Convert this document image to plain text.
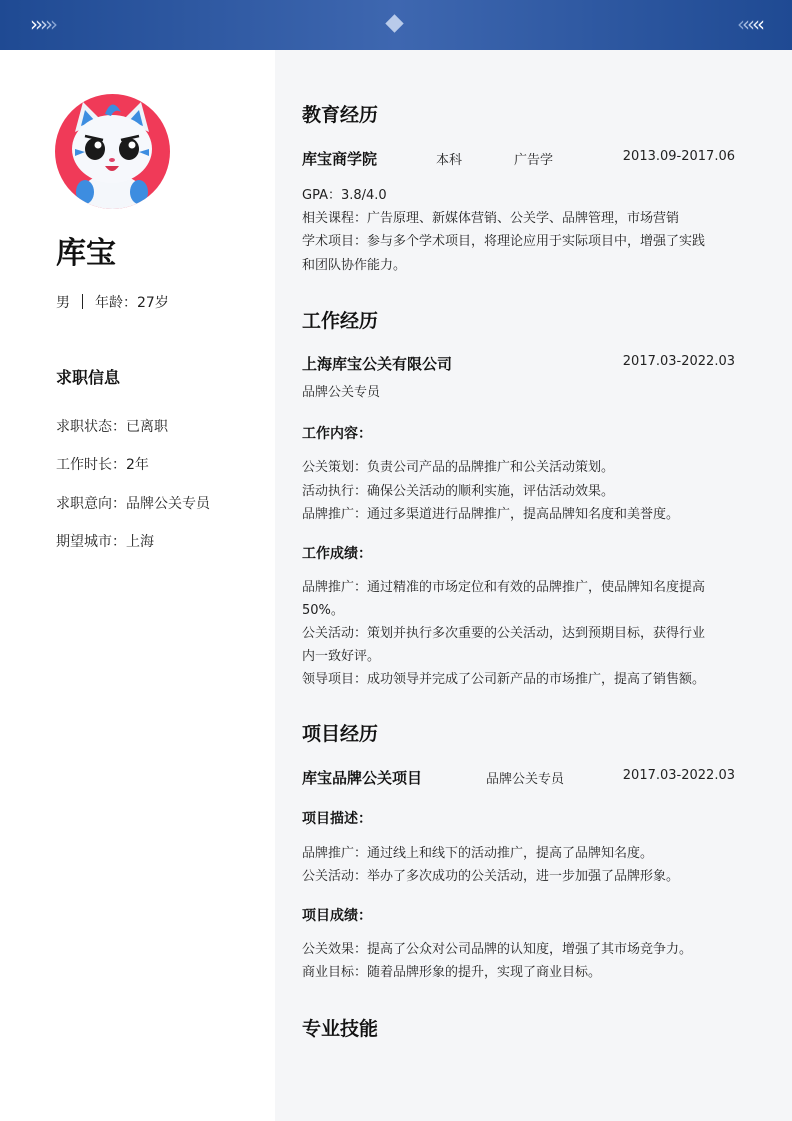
›››››	‹‹‹‹‹
库宝
男 年龄：27岁
求职信息
求职状态：已离职
工作时长：2年
求职意向：品牌公关专员
期望城市：上海
教育经历
库宝商学院	本科	广告学	2013.09-2017.06
GPA：3.8/4.0
相关课程：广告原理、新媒体营销、公关学、品牌管理，市场营销
学术项目：参与多个学术项目，将理论应用于实际项目中，增强了实践
和团队协作能力。
工作经历
上海库宝公关有限公司	2017.03-2022.03
品牌公关专员
工作内容：
公关策划：负责公司产品的品牌推广和公关活动策划。
活动执行：确保公关活动的顺利实施，评估活动效果。
品牌推广：通过多渠道进行品牌推广，提高品牌知名度和美誉度。
工作成绩：
品牌推广：通过精准的市场定位和有效的品牌推广，使品牌知名度提高
50%。
公关活动：策划并执行多次重要的公关活动，达到预期目标，获得行业
内一致好评。
领导项目：成功领导并完成了公司新产品的市场推广，提高了销售额。
项目经历
库宝品牌公关项目	品牌公关专员	2017.03-2022.03
项目描述：
品牌推广：通过线上和线下的活动推广，提高了品牌知名度。
公关活动：举办了多次成功的公关活动，进一步加强了品牌形象。
项目成绩：
公关效果：提高了公众对公司品牌的认知度，增强了其市场竞争力。
商业目标：随着品牌形象的提升，实现了商业目标。
专业技能
